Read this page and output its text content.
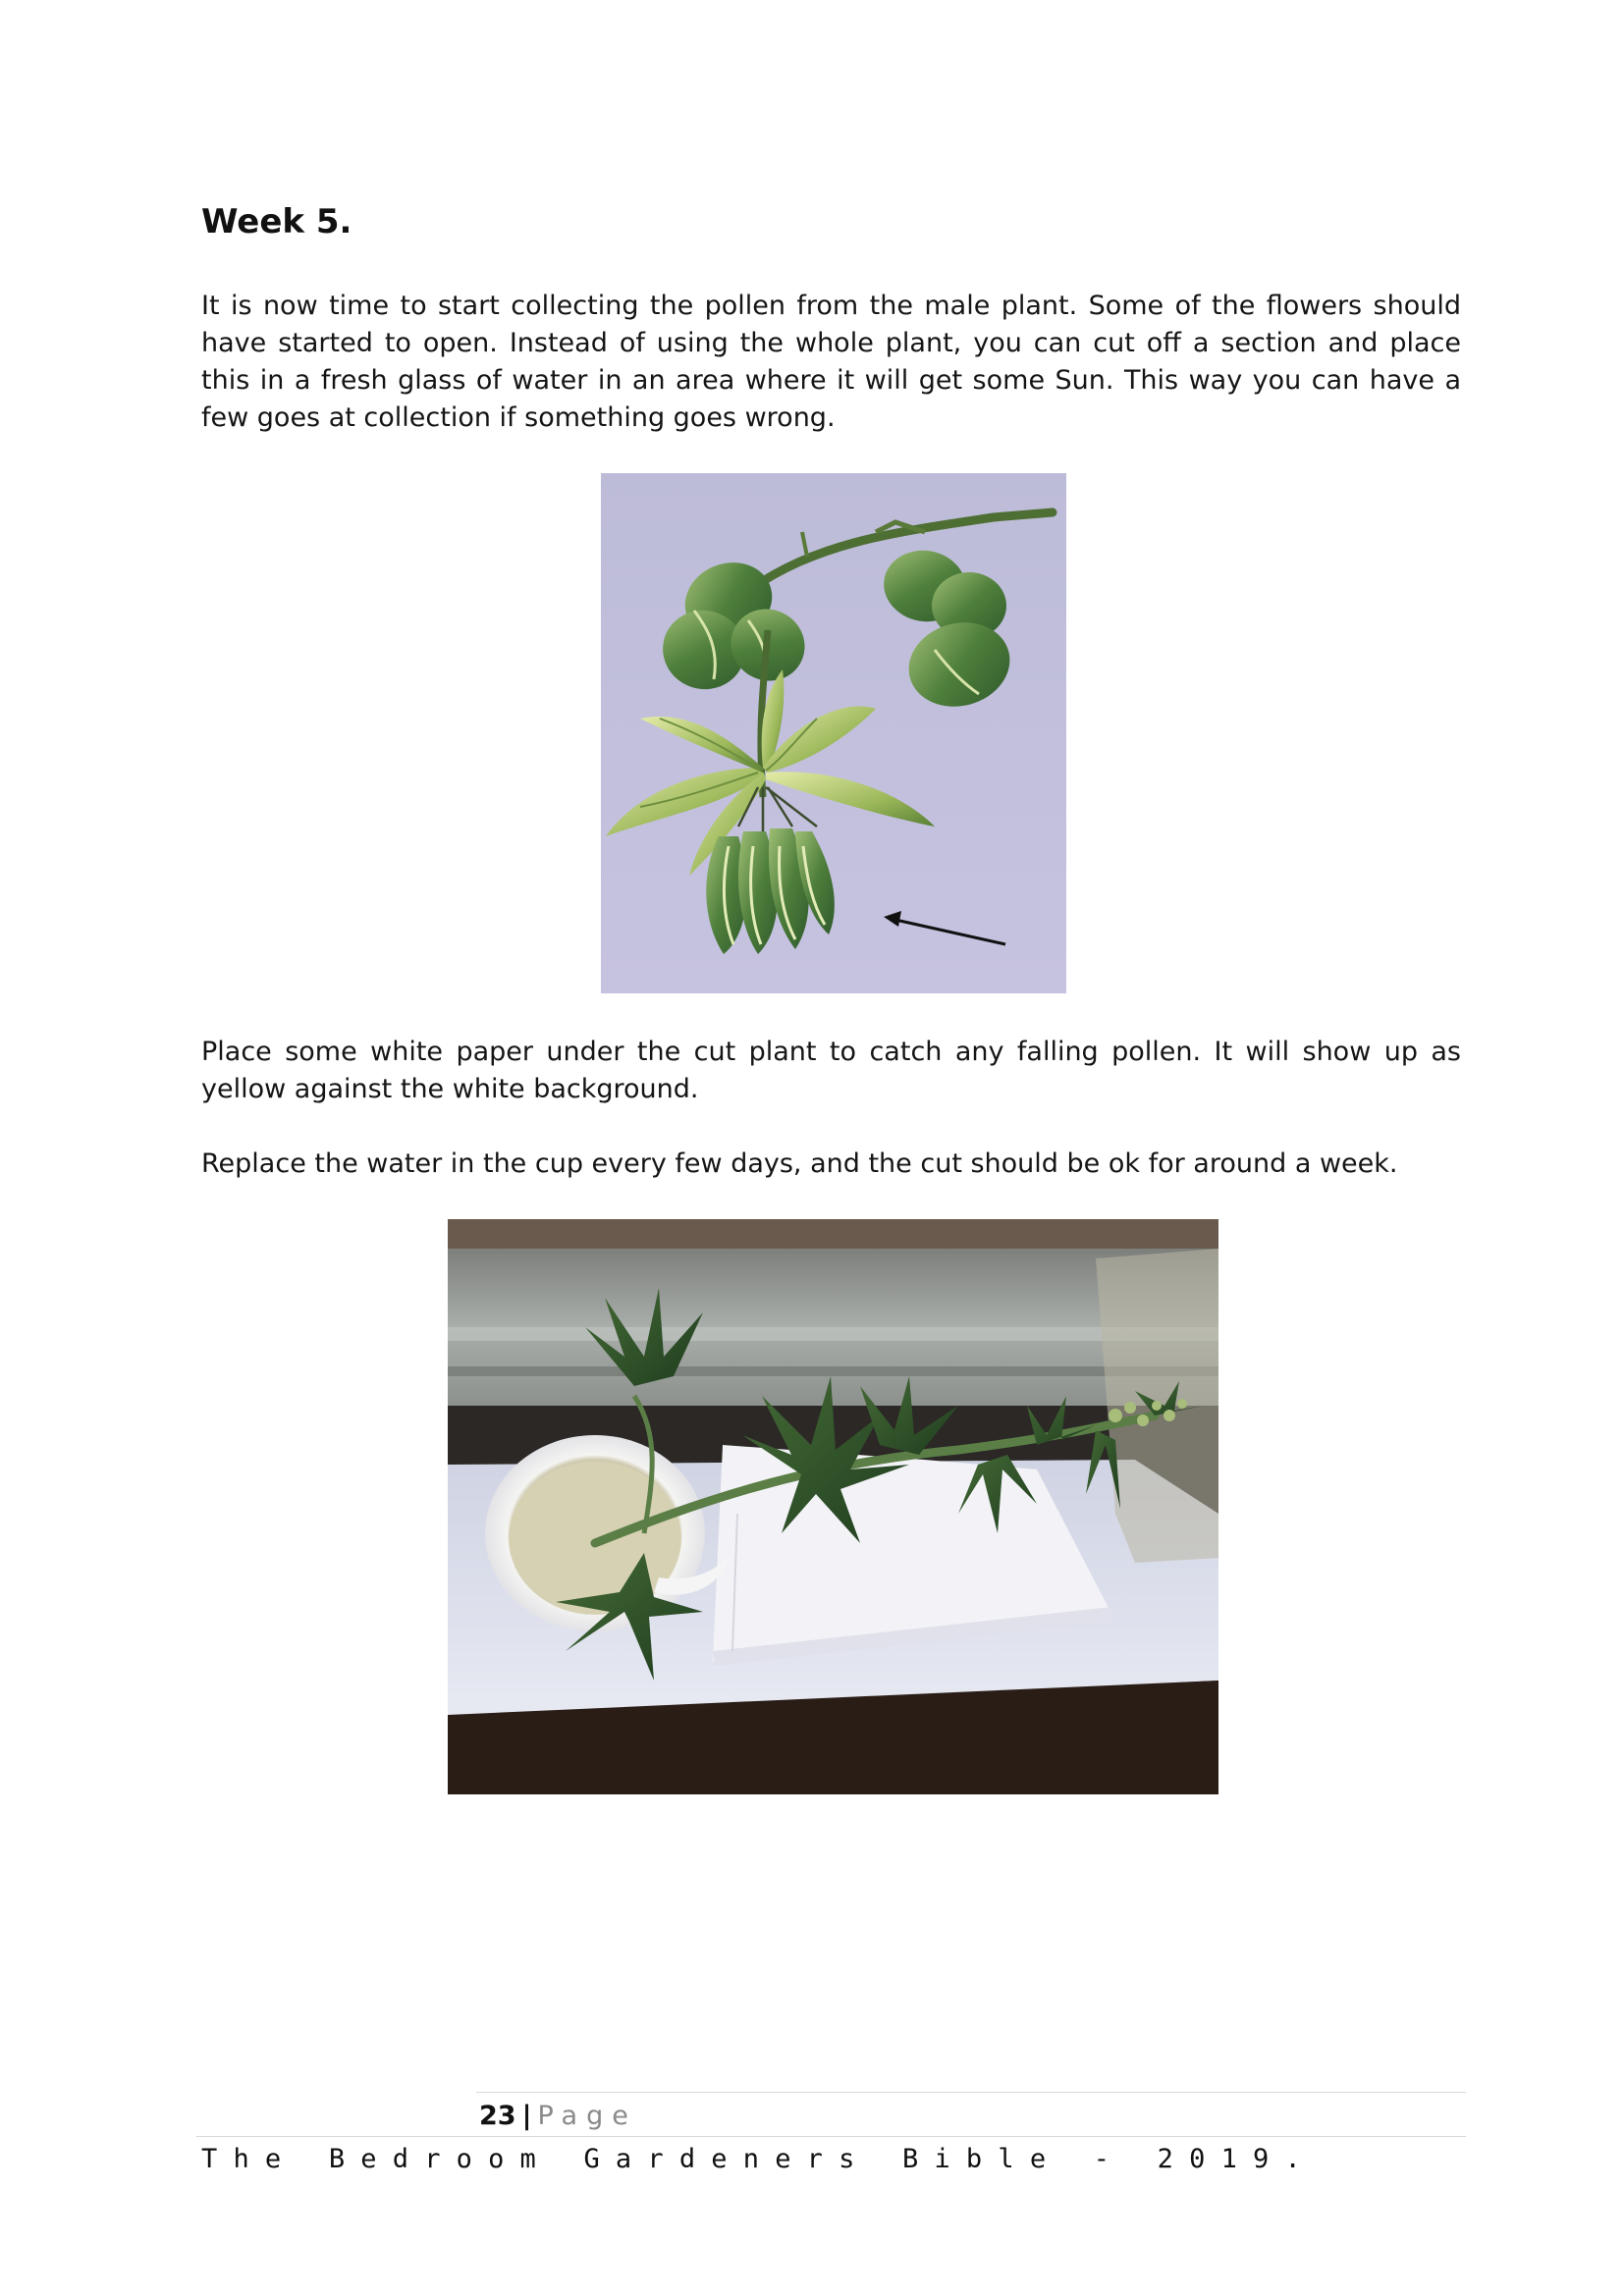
Week 5.

It is now time to start collecting the pollen from the male plant. Some of the flowers should have started to open. Instead of using the whole plant, you can cut off a section and place this in a fresh glass of water in an area where it will get some Sun. This way you can have a few goes at collection if something goes wrong.

Place some white paper under the cut plant to catch any falling pollen. It will show up as yellow against the white background.

Replace the water in the cup every few days, and the cut should be ok for around a week.

23 | Page
The Bedroom Gardeners Bible - 2019.
